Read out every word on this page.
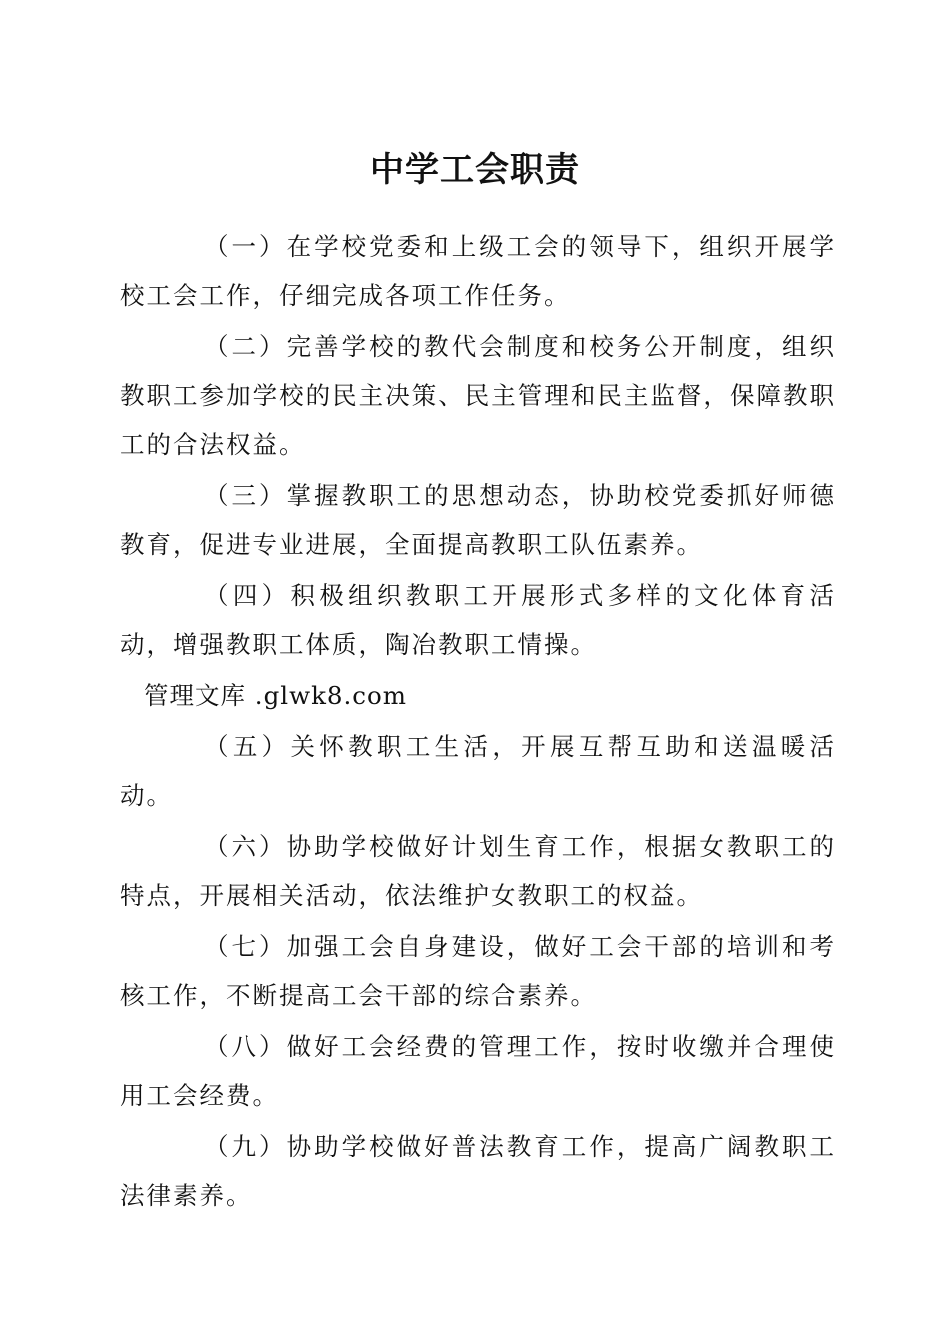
中学工会职责

（一）在学校党委和上级工会的领导下，组织开展学校工会工作，仔细完成各项工作任务。

（二）完善学校的教代会制度和校务公开制度，组织教职工参加学校的民主决策、民主管理和民主监督，保障教职工的合法权益。

（三）掌握教职工的思想动态，协助校党委抓好师德教育，促进专业进展，全面提高教职工队伍素养。

（四）积极组织教职工开展形式多样的文化体育活动，增强教职工体质，陶冶教职工情操。

管理文库 .glwk8.com

（五）关怀教职工生活，开展互帮互助和送温暖活动。

（六）协助学校做好计划生育工作，根据女教职工的特点，开展相关活动，依法维护女教职工的权益。

（七）加强工会自身建设，做好工会干部的培训和考核工作，不断提高工会干部的综合素养。

（八）做好工会经费的管理工作，按时收缴并合理使用工会经费。

（九）协助学校做好普法教育工作，提高广阔教职工法律素养。
